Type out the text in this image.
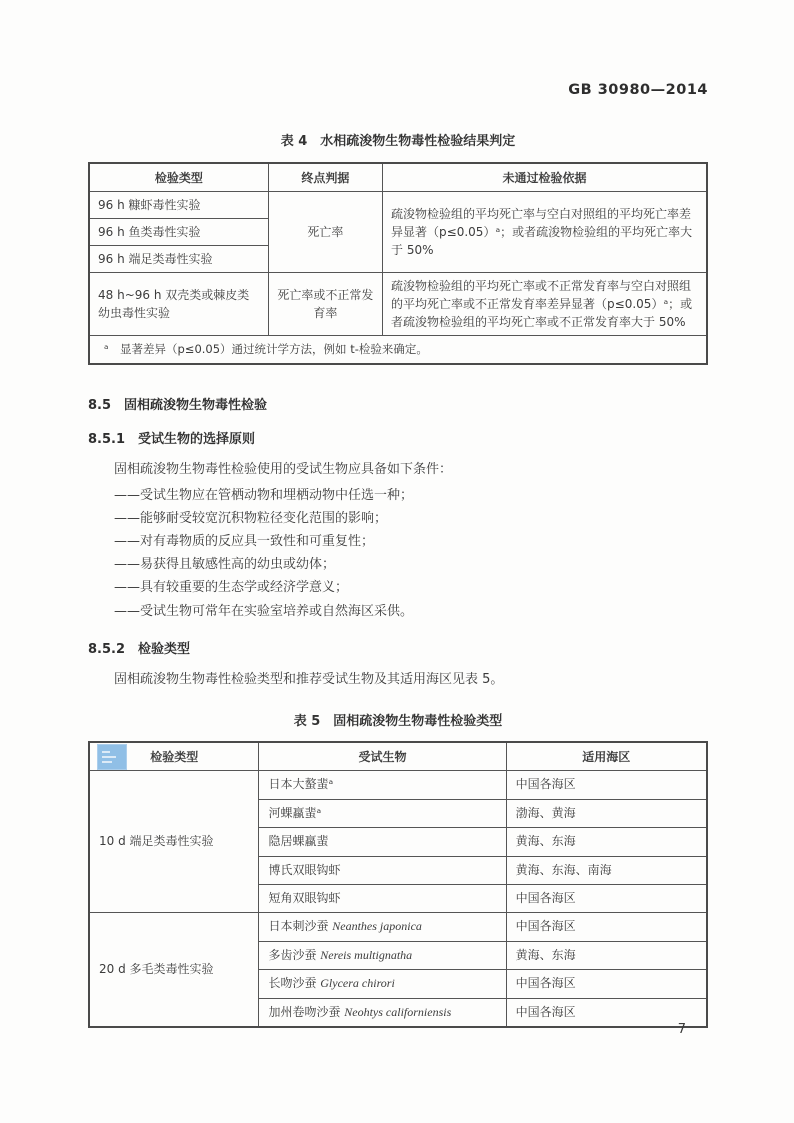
GB 30980—2014
表 4　水相疏浚物生物毒性检验结果判定
检验类型	终点判据	未通过检验依据
96 h 糠虾毒性实验	死亡率	疏浚物检验组的平均死亡率与空白对照组的平均死亡率差异显著（p≤0.05）ᵃ；或者疏浚物检验组的平均死亡率大于 50%
96 h 鱼类毒性实验		
96 h 端足类毒性实验		
48 h~96 h 双壳类或棘皮类幼虫毒性实验	死亡率或不正常发育率	疏浚物检验组的平均死亡率或不正常发育率与空白对照组的平均死亡率或不正常发育率差异显著（p≤0.05）ᵃ；或者疏浚物检验组的平均死亡率或不正常发育率大于 50%
ᵃ　显著差异（p≤0.05）通过统计学方法，例如 t-检验来确定。		
8.5　固相疏浚物生物毒性检验
8.5.1　受试生物的选择原则
固相疏浚物生物毒性检验使用的受试生物应具备如下条件：
——受试生物应在管栖动物和埋栖动物中任选一种；
——能够耐受较宽沉积物粒径变化范围的影响；
——对有毒物质的反应具一致性和可重复性；
——易获得且敏感性高的幼虫或幼体；
——具有较重要的生态学或经济学意义；
——受试生物可常年在实验室培养或自然海区采供。
8.5.2　检验类型
固相疏浚物生物毒性检验类型和推荐受试生物及其适用海区见表 5。
表 5　固相疏浚物生物毒性检验类型
检验类型	受试生物	适用海区
10 d 端足类毒性实验	日本大螯蜚ᵃ	中国各海区
	河蜾蠃蜚ᵃ	渤海、黄海
	隐居蜾蠃蜚	黄海、东海
	博氏双眼钩虾	黄海、东海、南海
	短角双眼钩虾	中国各海区
20 d 多毛类毒性实验	日本刺沙蚕 Neanthes japonica	中国各海区
	多齿沙蚕 Nereis multignatha	黄海、东海
	长吻沙蚕 Glycera chirori	中国各海区
	加州卷吻沙蚕 Neohtys californiensis	中国各海区
7
